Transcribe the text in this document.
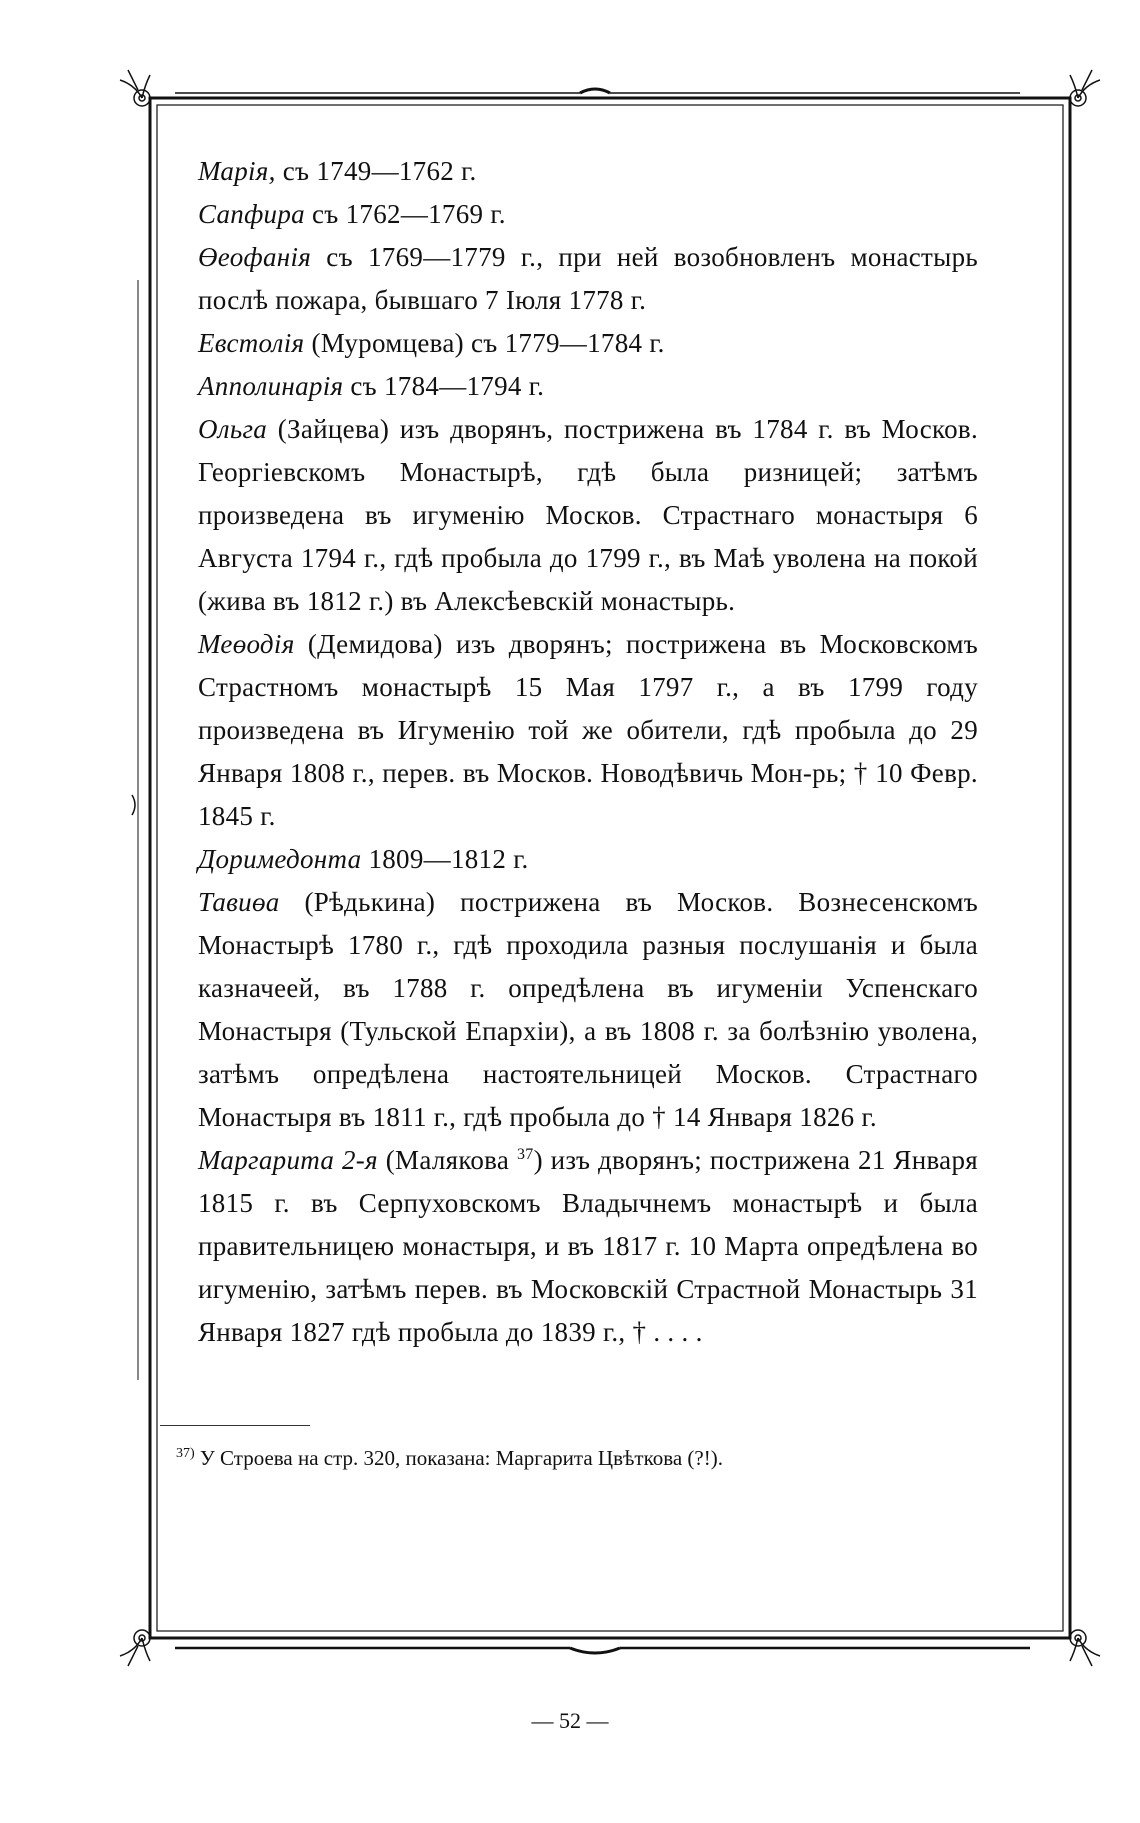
Марія, съ 1749—1762 г.

Сапфира съ 1762—1769 г.

Өеофанія съ 1769—1779 г., при ней возобновленъ монастырь послѣ пожара, бывшаго 7 Іюля 1778 г.

Евстолія (Муромцева) съ 1779—1784 г.

Апполинарія съ 1784—1794 г.

Ольга (Зайцева) изъ дворянъ, пострижена въ 1784 г. въ Москов. Георгіевскомъ Монастырѣ, гдѣ была ризницей; затѣмъ произведена въ игуменію Москов. Страстнаго монастыря 6 Августа 1794 г., гдѣ пробыла до 1799 г., въ Маѣ уволена на покой (жива въ 1812 г.) въ Алексѣевскій монастырь.

Меөодія (Демидова) изъ дворянъ; пострижена въ Московскомъ Страстномъ монастырѣ 15 Мая 1797 г., а въ 1799 году произведена въ Игуменію той же обители, гдѣ пробыла до 29 Января 1808 г., перев. въ Москов. Новодѣвичь Мон-рь; † 10 Февр. 1845 г.

Доримедонта 1809—1812 г.

Тавиөа (Рѣдькина) пострижена въ Москов. Вознесенскомъ Монастырѣ 1780 г., гдѣ проходила разныя послушанія и была казначеей, въ 1788 г. опредѣлена въ игуменіи Успенскаго Монастыря (Тульской Епархіи), а въ 1808 г. за болѣзнію уволена, затѣмъ опредѣлена настоятельницей Москов. Страстнаго Монастыря въ 1811 г., гдѣ пробыла до † 14 Января 1826 г.

Маргарита 2-я (Малякова $^{37}$) изъ дворянъ; пострижена 21 Января 1815 г. въ Серпуховскомъ Владычнемъ монастырѣ и была правительницею монастыря, и въ 1817 г. 10 Марта опредѣлена во игуменію, затѣмъ перев. въ Московскій Страстной Монастырь 31 Января 1827 гдѣ пробыла до 1839 г., † . . . .

$^{37)}$ У Строева на стр. 320, показана: Маргарита Цвѣткова (?!).
— 52 —
